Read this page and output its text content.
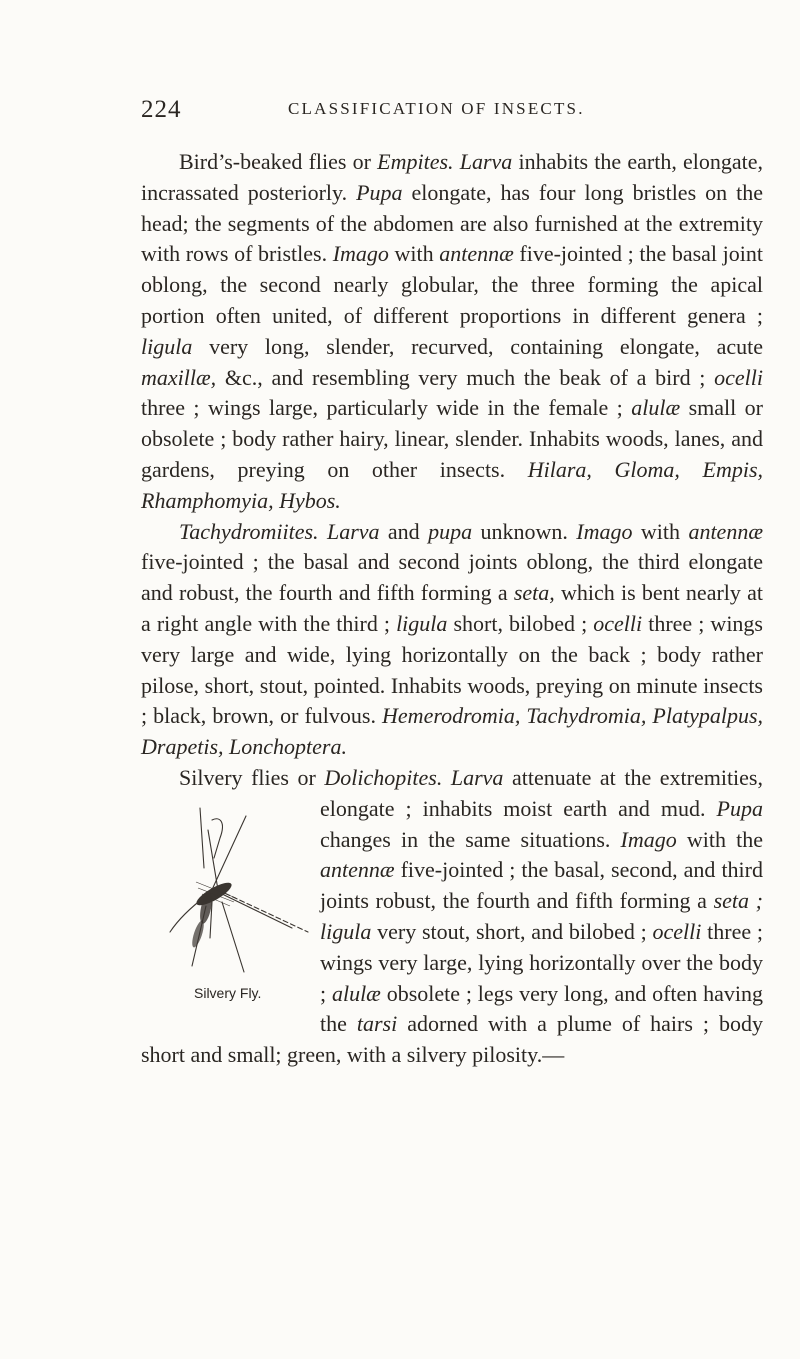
224	CLASSIFICATION OF INSECTS.

Bird’s-beaked flies or Empites. Larva inhabits the earth, elongate, incrassated posteriorly. Pupa elongate, has four long bristles on the head; the segments of the abdomen are also furnished at the extremity with rows of bristles. Imago with antennæ five-jointed ; the basal joint oblong, the second nearly globular, the three forming the apical portion often united, of different proportions in different genera ; ligula very long, slender, recurved, containing elongate, acute maxillæ, &c., and resembling very much the beak of a bird ; ocelli three ; wings large, particularly wide in the female ; alulæ small or obsolete ; body rather hairy, linear, slender. Inhabits woods, lanes, and gardens, preying on other insects. Hilara, Gloma, Empis, Rhamphomyia, Hybos.

Tachydromiites. Larva and pupa unknown. Imago with antennæ five-jointed ; the basal and second joints oblong, the third elongate and robust, the fourth and fifth forming a seta, which is bent nearly at a right angle with the third ; ligula short, bilobed ; ocelli three ; wings very large and wide, lying horizontally on the back ; body rather pilose, short, stout, pointed. Inhabits woods, preying on minute insects ; black, brown, or fulvous. Hemerodromia, Tachydromia, Platypalpus, Drapetis, Lonchoptera.

Silvery flies or Dolichopites. Larva attenuate at the extremities, elongate ; inhabits moist earth and mud. Pupa
Silvery Fly.
changes in the same situations. Imago with the antennæ five-jointed ; the basal, second, and third joints robust, the fourth and fifth forming a seta ; ligula very stout, short, and bilobed ; ocelli three ; wings very large, lying horizontally over the body ; alulæ obsolete ; legs very long, and often having the tarsi adorned with a plume of hairs ; body short and small; green, with a silvery pilosity.—
